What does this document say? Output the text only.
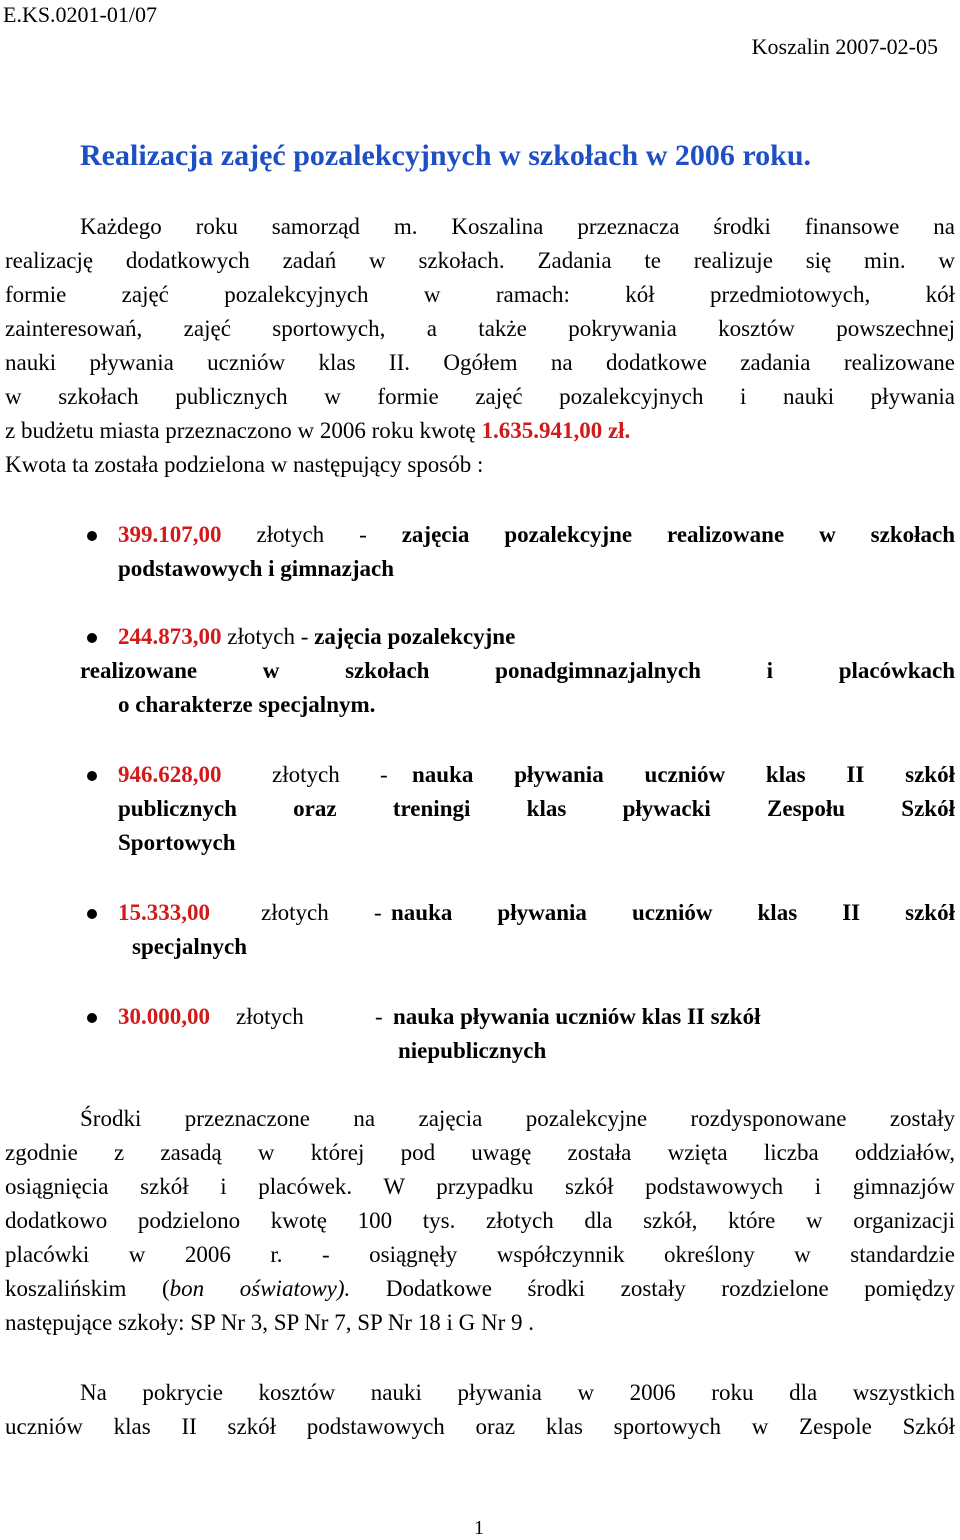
E.KS.0201-01/07
Koszalin 2007-02-05
Realizacja zajęć pozalekcyjnych w szkołach w 2006 roku.
Każdego roku samorząd m. Koszalina przeznacza środki finansowe na
realizację dodatkowych zadań w szkołach. Zadania te realizuje się min. w
formie zajęć pozalekcyjnych w ramach: kół przedmiotowych, kół
zainteresowań, zajęć sportowych, a także pokrywania kosztów powszechnej
nauki pływania uczniów klas II. Ogółem na dodatkowe zadania realizowane
w szkołach publicznych w formie zajęć pozalekcyjnych i nauki pływania
z budżetu miasta przeznaczono w 2006 roku kwotę 1.635.941,00 zł.
Kwota ta została podzielona w następujący sposób :
399.107,00 złotych - zajęcia pozalekcyjne realizowane w szkołach
podstawowych i gimnazjach
244.873,00 złotych - zajęcia pozalekcyjne
realizowane w szkołach ponadgimnazjalnych i placówkach
o charakterze specjalnym.
946.628,00 złotych - nauka pływania uczniów klas II szkół
publicznych oraz treningi klas pływacki Zespołu Szkół
Sportowych
15.333,00 złotych - nauka pływania uczniów klas II szkół
specjalnych
30.000,00 złotych	- nauka pływania uczniów klas II szkół
niepublicznych
Środki przeznaczone na zajęcia pozalekcyjne rozdysponowane zostały
zgodnie z zasadą w której pod uwagę została wzięta liczba oddziałów,
osiągnięcia szkół i placówek. W przypadku szkół podstawowych i gimnazjów
dodatkowo podzielono kwotę 100 tys. złotych dla szkół, które w organizacji
placówki w 2006 r. - osiągnęły współczynnik określony w standardzie
koszalińskim (bon oświatowy). Dodatkowe środki zostały rozdzielone pomiędzy
następujące szkoły: SP Nr 3, SP Nr 7, SP Nr 18 i G Nr 9 .
Na pokrycie kosztów nauki pływania w 2006 roku dla wszystkich
uczniów klas II szkół podstawowych oraz klas sportowych w Zespole Szkół
1
